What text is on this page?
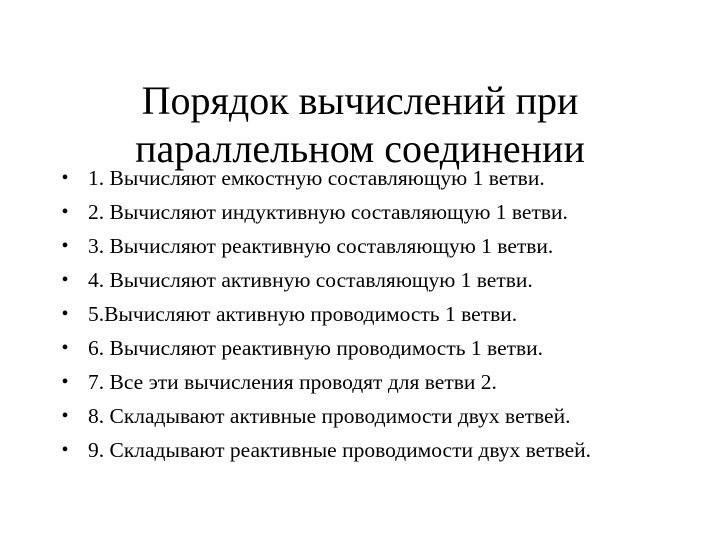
Порядок вычислений при
параллельном соединении
• 1. Вычисляют емкостную составляющую 1 ветви.
• 2. Вычисляют индуктивную составляющую 1 ветви.
• 3. Вычисляют реактивную составляющую 1 ветви.
• 4. Вычисляют активную составляющую 1 ветви.
• 5.Вычисляют активную проводимость 1 ветви.
• 6. Вычисляют реактивную проводимость 1 ветви.
• 7. Все эти вычисления проводят для ветви 2.
• 8. Складывают активные проводимости двух ветвей.
• 9. Складывают реактивные проводимости двух ветвей.
